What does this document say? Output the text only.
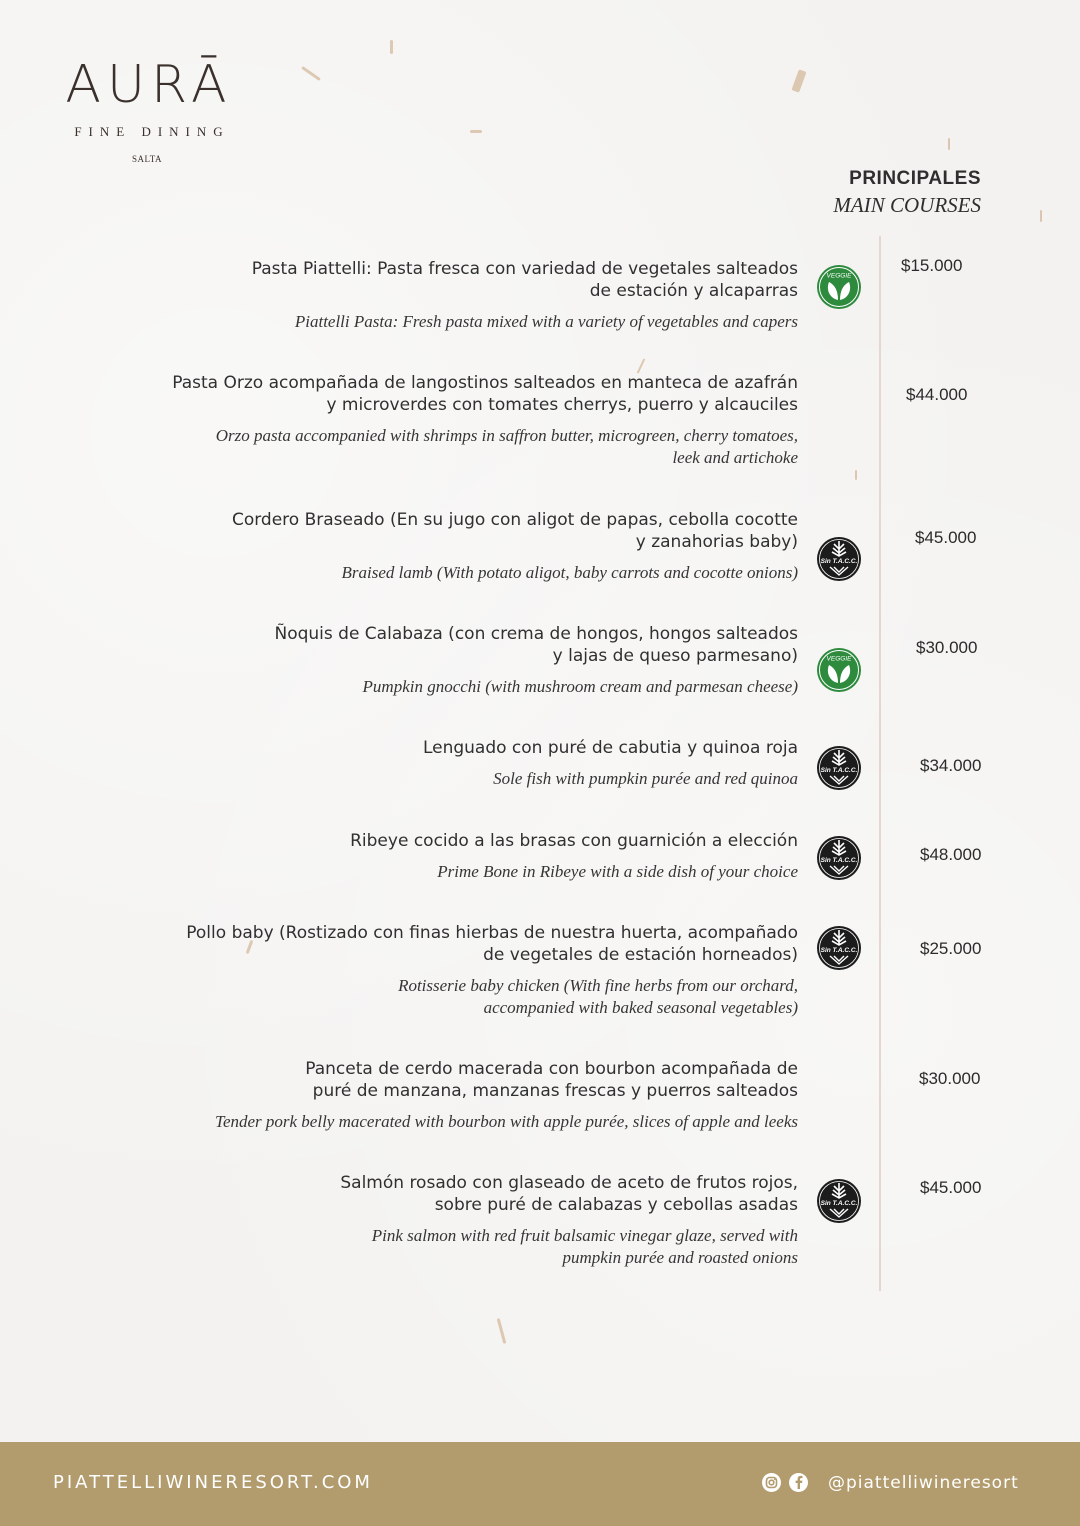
AURĀ
FINE DINING
SALTA
PRINCIPALES
MAIN COURSES
Pasta Piattelli: Pasta fresca con variedad de vegetales salteados
de estación y alcaparras
Piattelli Pasta: Fresh pasta mixed with a variety of vegetables and capers
$15.000
VEGGIE
Pasta Orzo acompañada de langostinos salteados en manteca de azafrán
y microverdes con tomates cherrys, puerro y alcauciles
Orzo pasta accompanied with shrimps in saffron butter, microgreen, cherry tomatoes,
leek and artichoke
$44.000
Cordero Braseado (En su jugo con aligot de papas, cebolla cocotte
y zanahorias baby)
Braised lamb (With potato aligot, baby carrots and cocotte onions)
$45.000
Sin T.A.C.C.
Ñoquis de Calabaza (con crema de hongos, hongos salteados
y lajas de queso parmesano)
Pumpkin gnocchi (with mushroom cream and parmesan cheese)
$30.000
VEGGIE
Lenguado con puré de cabutia y quinoa roja
Sole fish with pumpkin purée and red quinoa
$34.000
Sin T.A.C.C.
Ribeye cocido a las brasas con guarnición a elección
Prime Bone in Ribeye with a side dish of your choice
$48.000
Sin T.A.C.C.
Pollo baby (Rostizado con finas hierbas de nuestra huerta, acompañado
de vegetales de estación horneados)
Rotisserie baby chicken (With fine herbs from our orchard,
accompanied with baked seasonal vegetables)
$25.000
Sin T.A.C.C.
Panceta de cerdo macerada con bourbon acompañada de
puré de manzana, manzanas frescas y puerros salteados
Tender pork belly macerated with bourbon with apple purée, slices of apple and leeks
$30.000
Salmón rosado con glaseado de aceto de frutos rojos,
sobre puré de calabazas y cebollas asadas
Pink salmon with red fruit balsamic vinegar glaze, served with
pumpkin purée and roasted onions
$45.000
Sin T.A.C.C.
PIATTELLIWINERESORT.COM	@piattelliwineresort
